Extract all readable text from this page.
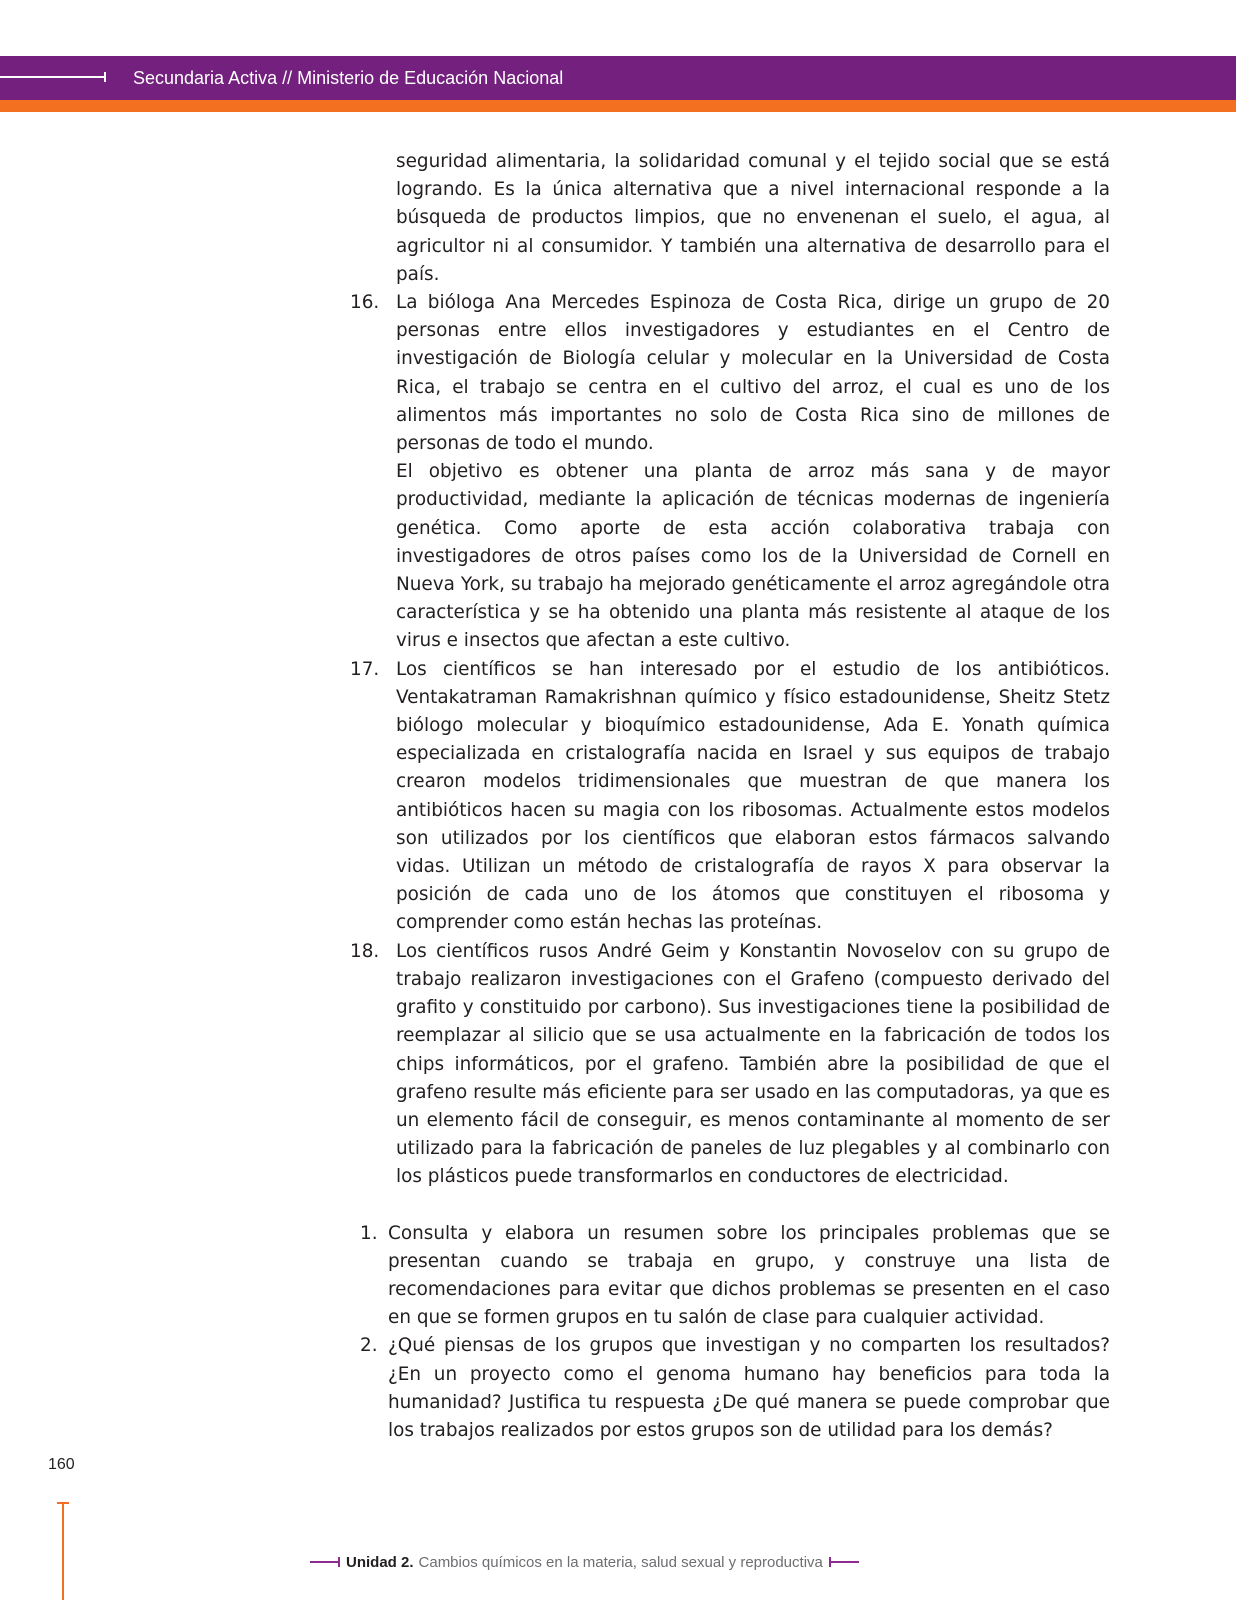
Secundaria Activa // Ministerio de Educación Nacional

seguridad alimentaria, la solidaridad comunal y el tejido social que se está logrando. Es la única alternativa que a nivel internacional responde a la búsqueda de productos limpios, que no envenenan el suelo, el agua, al agricultor ni al consumidor. Y también una alternativa de desarrollo para el país.

16. La bióloga Ana Mercedes Espinoza de Costa Rica, dirige un grupo de 20 personas entre ellos investigadores y estudiantes en el Centro de investigación de Biología celular y molecular en la Universidad de Costa Rica, el trabajo se centra en el cultivo del arroz, el cual es uno de los alimentos más importantes no solo de Costa Rica sino de millones de personas de todo el mundo.

El objetivo es obtener una planta de arroz más sana y de mayor productividad, mediante la aplicación de técnicas modernas de ingeniería genética. Como aporte de esta acción colaborativa trabaja con investigadores de otros países como los de la Universidad de Cornell en Nueva York, su trabajo ha mejorado genéticamente el arroz agregándole otra característica y se ha obtenido una planta más resistente al ataque de los virus e insectos que afectan a este cultivo.

17. Los científicos se han interesado por el estudio de los antibióticos. Ventakatraman Ramakrishnan químico y físico estadounidense, Sheitz Stetz biólogo molecular y bioquímico estadounidense, Ada E. Yonath química especializada en cristalografía nacida en Israel y sus equipos de trabajo crearon modelos tridimensionales que muestran de que manera los antibióticos hacen su magia con los ribosomas. Actualmente estos modelos son utilizados por los científicos que elaboran estos fármacos salvando vidas. Utilizan un método de cristalografía de rayos X para observar la posición de cada uno de los átomos que constituyen el ribosoma y comprender como están hechas las proteínas.

18. Los científicos rusos André Geim y Konstantin Novoselov con su grupo de trabajo realizaron investigaciones con el Grafeno (compuesto derivado del grafito y constituido por carbono). Sus investigaciones tiene la posibilidad de reemplazar al silicio que se usa actualmente en la fabricación de todos los chips informáticos, por el grafeno. También abre la posibilidad de que el grafeno resulte más eficiente para ser usado en las computadoras, ya que es un elemento fácil de conseguir, es menos contaminante al momento de ser utilizado para la fabricación de paneles de luz plegables y al combinarlo con los plásticos puede transformarlos en conductores de electricidad.

1. Consulta y elabora un resumen sobre los principales problemas que se presentan cuando se trabaja en grupo, y construye una lista de recomendaciones para evitar que dichos problemas se presenten en el caso en que se formen grupos en tu salón de clase para cualquier actividad.

2. ¿Qué piensas de los grupos que investigan y no comparten los resultados? ¿En un proyecto como el genoma humano hay beneficios para toda la humanidad? Justifica tu respuesta ¿De qué manera se puede comprobar que los trabajos realizados por estos grupos son de utilidad para los demás?

160
Unidad 2. Cambios químicos en la materia, salud sexual y reproductiva
